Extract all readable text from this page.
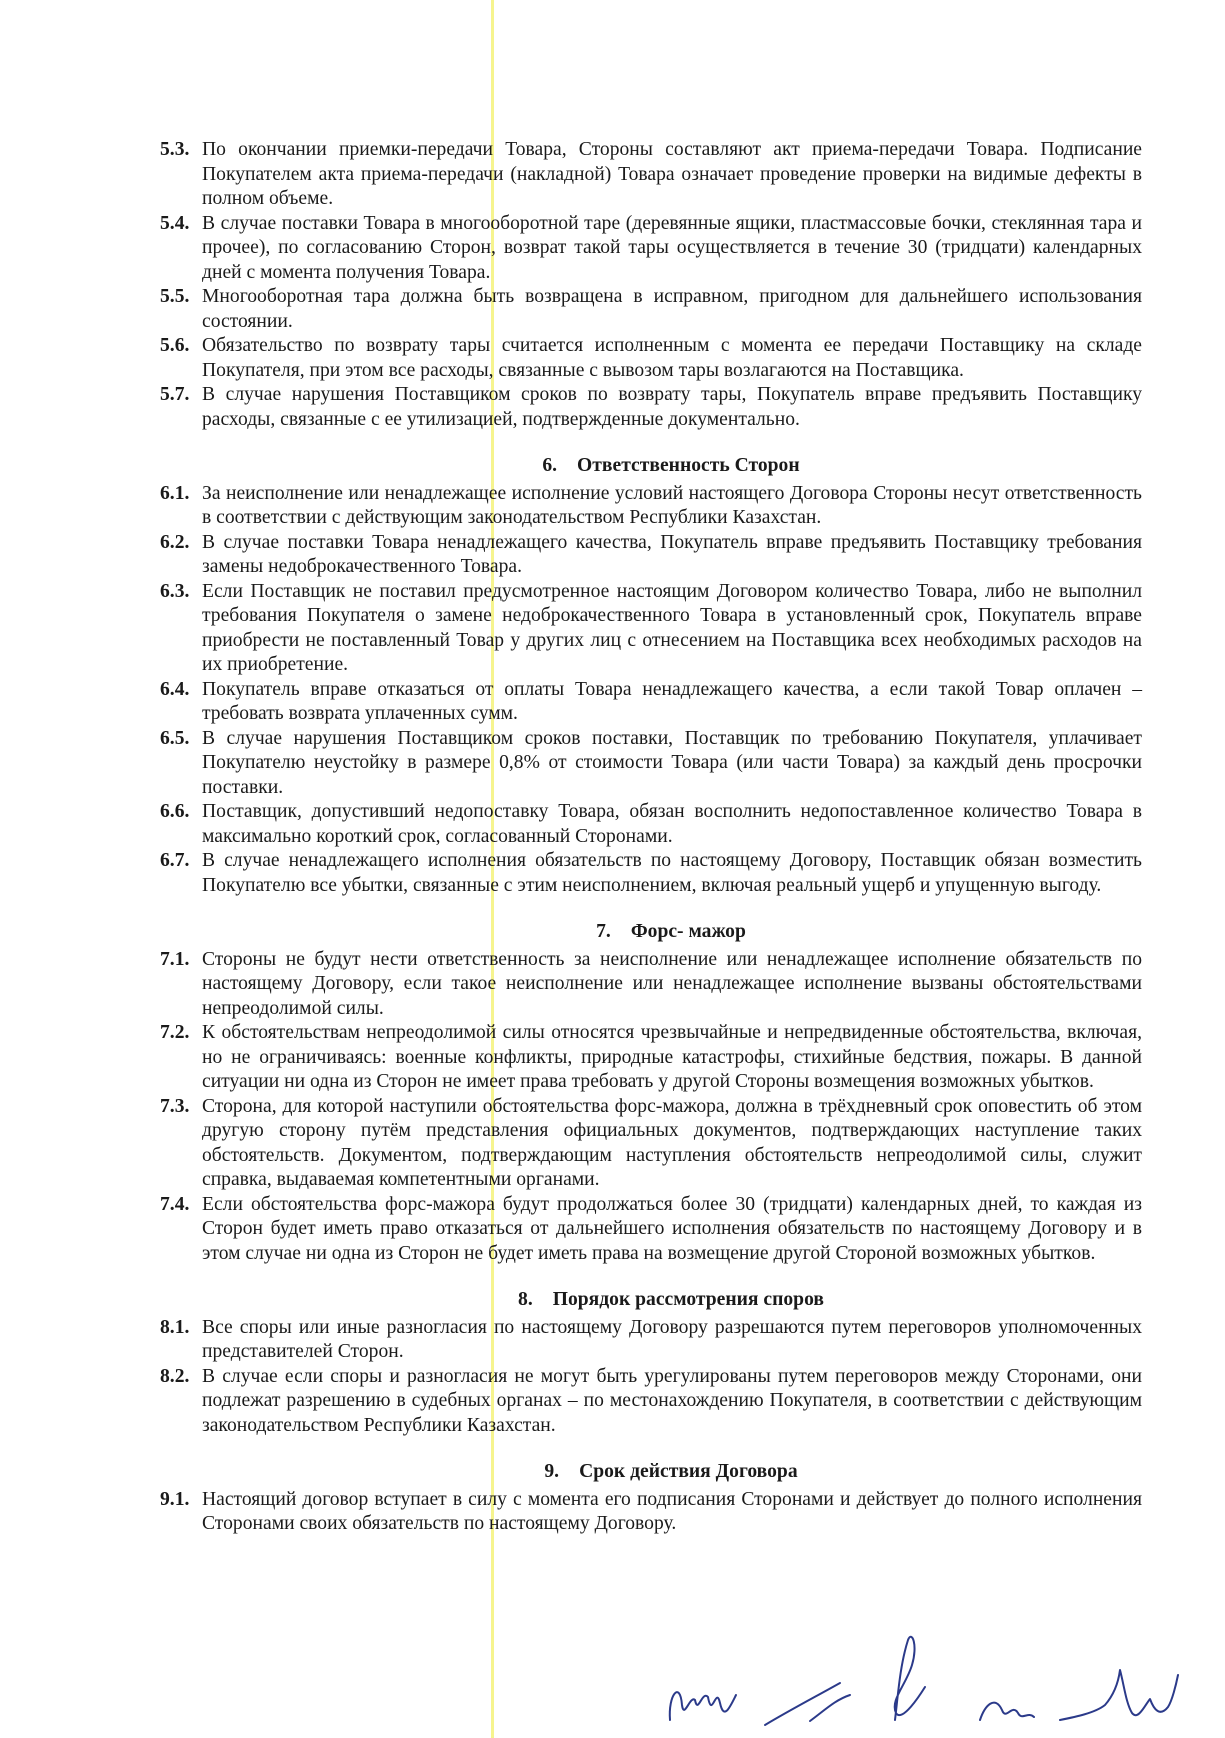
5.3. По окончании приемки-передачи Товара, Стороны составляют акт приема-передачи Товара. Подписание Покупателем акта приема-передачи (накладной) Товара означает проведение проверки на видимые дефекты в полном объеме.
5.4. В случае поставки Товара в многооборотной таре (деревянные ящики, пластмассовые бочки, стеклянная тара и прочее), по согласованию Сторон, возврат такой тары осуществляется в течение 30 (тридцати) календарных дней с момента получения Товара.
5.5. Многооборотная тара должна быть возвращена в исправном, пригодном для дальнейшего использования состоянии.
5.6. Обязательство по возврату тары считается исполненным с момента ее передачи Поставщику на складе Покупателя, при этом все расходы, связанные с вывозом тары возлагаются на Поставщика.
5.7. В случае нарушения Поставщиком сроков по возврату тары, Покупатель вправе предъявить Поставщику расходы, связанные с ее утилизацией, подтвержденные документально.
6. Ответственность Сторон
6.1. За неисполнение или ненадлежащее исполнение условий настоящего Договора Стороны несут ответственность в соответствии с действующим законодательством Республики Казахстан.
6.2. В случае поставки Товара ненадлежащего качества, Покупатель вправе предъявить Поставщику требования замены недоброкачественного Товара.
6.3. Если Поставщик не поставил предусмотренное настоящим Договором количество Товара, либо не выполнил требования Покупателя о замене недоброкачественного Товара в установленный срок, Покупатель вправе приобрести не поставленный Товар у других лиц с отнесением на Поставщика всех необходимых расходов на их приобретение.
6.4. Покупатель вправе отказаться от оплаты Товара ненадлежащего качества, а если такой Товар оплачен – требовать возврата уплаченных сумм.
6.5. В случае нарушения Поставщиком сроков поставки, Поставщик по требованию Покупателя, уплачивает Покупателю неустойку в размере 0,8% от стоимости Товара (или части Товара) за каждый день просрочки поставки.
6.6. Поставщик, допустивший недопоставку Товара, обязан восполнить недопоставленное количество Товара в максимально короткий срок, согласованный Сторонами.
6.7. В случае ненадлежащего исполнения обязательств по настоящему Договору, Поставщик обязан возместить Покупателю все убытки, связанные с этим неисполнением, включая реальный ущерб и упущенную выгоду.
7. Форс- мажор
7.1. Стороны не будут нести ответственность за неисполнение или ненадлежащее исполнение обязательств по настоящему Договору, если такое неисполнение или ненадлежащее исполнение вызваны обстоятельствами непреодолимой силы.
7.2. К обстоятельствам непреодолимой силы относятся чрезвычайные и непредвиденные обстоятельства, включая, но не ограничиваясь: военные конфликты, природные катастрофы, стихийные бедствия, пожары. В данной ситуации ни одна из Сторон не имеет права требовать у другой Стороны возмещения возможных убытков.
7.3. Сторона, для которой наступили обстоятельства форс-мажора, должна в трёхдневный срок оповестить об этом другую сторону путём представления официальных документов, подтверждающих наступление таких обстоятельств. Документом, подтверждающим наступления обстоятельств непреодолимой силы, служит справка, выдаваемая компетентными органами.
7.4. Если обстоятельства форс-мажора будут продолжаться более 30 (тридцати) календарных дней, то каждая из Сторон будет иметь право отказаться от дальнейшего исполнения обязательств по настоящему Договору и в этом случае ни одна из Сторон не будет иметь права на возмещение другой Стороной возможных убытков.
8. Порядок рассмотрения споров
8.1. Все споры или иные разногласия по настоящему Договору разрешаются путем переговоров уполномоченных представителей Сторон.
8.2. В случае если споры и разногласия не могут быть урегулированы путем переговоров между Сторонами, они подлежат разрешению в судебных органах – по местонахождению Покупателя, в соответствии с действующим законодательством Республики Казахстан.
9. Срок действия Договора
9.1. Настоящий договор вступает в силу с момента его подписания Сторонами и действует до полного исполнения Сторонами своих обязательств по настоящему Договору.
